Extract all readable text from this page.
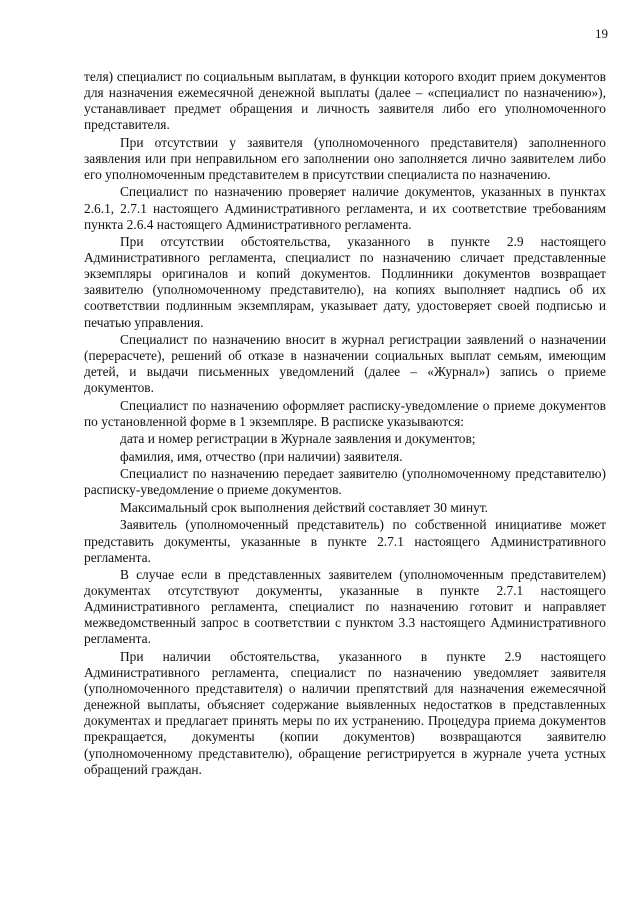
19

теля) специалист по социальным выплатам, в функции которого входит прием документов для назначения ежемесячной денежной выплаты (далее – «специалист по назначению»), устанавливает предмет обращения и личность заявителя либо его уполномоченного представителя.

При отсутствии у заявителя (уполномоченного представителя) заполненного заявления или при неправильном его заполнении оно заполняется лично заявителем либо его уполномоченным представителем в присутствии специалиста по назначению.

Специалист по назначению проверяет наличие документов, указанных в пунктах 2.6.1, 2.7.1 настоящего Административного регламента, и их соответствие требованиям пункта 2.6.4 настоящего Административного регламента.

При отсутствии обстоятельства, указанного в пункте 2.9 настоящего Административного регламента, специалист по назначению сличает представленные экземпляры оригиналов и копий документов. Подлинники документов возвращает заявителю (уполномоченному представителю), на копиях выполняет надпись об их соответствии подлинным экземплярам, указывает дату, удостоверяет своей подписью и печатью управления.

Специалист по назначению вносит в журнал регистрации заявлений о назначении (перерасчете), решений об отказе в назначении социальных выплат семьям, имеющим детей, и выдачи письменных уведомлений (далее – «Журнал») запись о приеме документов.

Специалист по назначению оформляет расписку-уведомление о приеме документов по установленной форме в 1 экземпляре. В расписке указываются:

дата и номер регистрации в Журнале заявления и документов;

фамилия, имя, отчество (при наличии) заявителя.

Специалист по назначению передает заявителю (уполномоченному представителю) расписку-уведомление о приеме документов.

Максимальный срок выполнения действий составляет 30 минут.

Заявитель (уполномоченный представитель) по собственной инициативе может представить документы, указанные в пункте 2.7.1 настоящего Административного регламента.

В случае если в представленных заявителем (уполномоченным представителем) документах отсутствуют документы, указанные в пункте 2.7.1 настоящего Административного регламента, специалист по назначению готовит и направляет межведомственный запрос в соответствии с пунктом 3.3 настоящего Административного регламента.

При наличии обстоятельства, указанного в пункте 2.9 настоящего Административного регламента, специалист по назначению уведомляет заявителя (уполномоченного представителя) о наличии препятствий для назначения ежемесячной денежной выплаты, объясняет содержание выявленных недостатков в представленных документах и предлагает принять меры по их устранению. Процедура приема документов прекращается, документы (копии документов) возвращаются заявителю (уполномоченному представителю), обращение регистрируется в журнале учета устных обращений граждан.
